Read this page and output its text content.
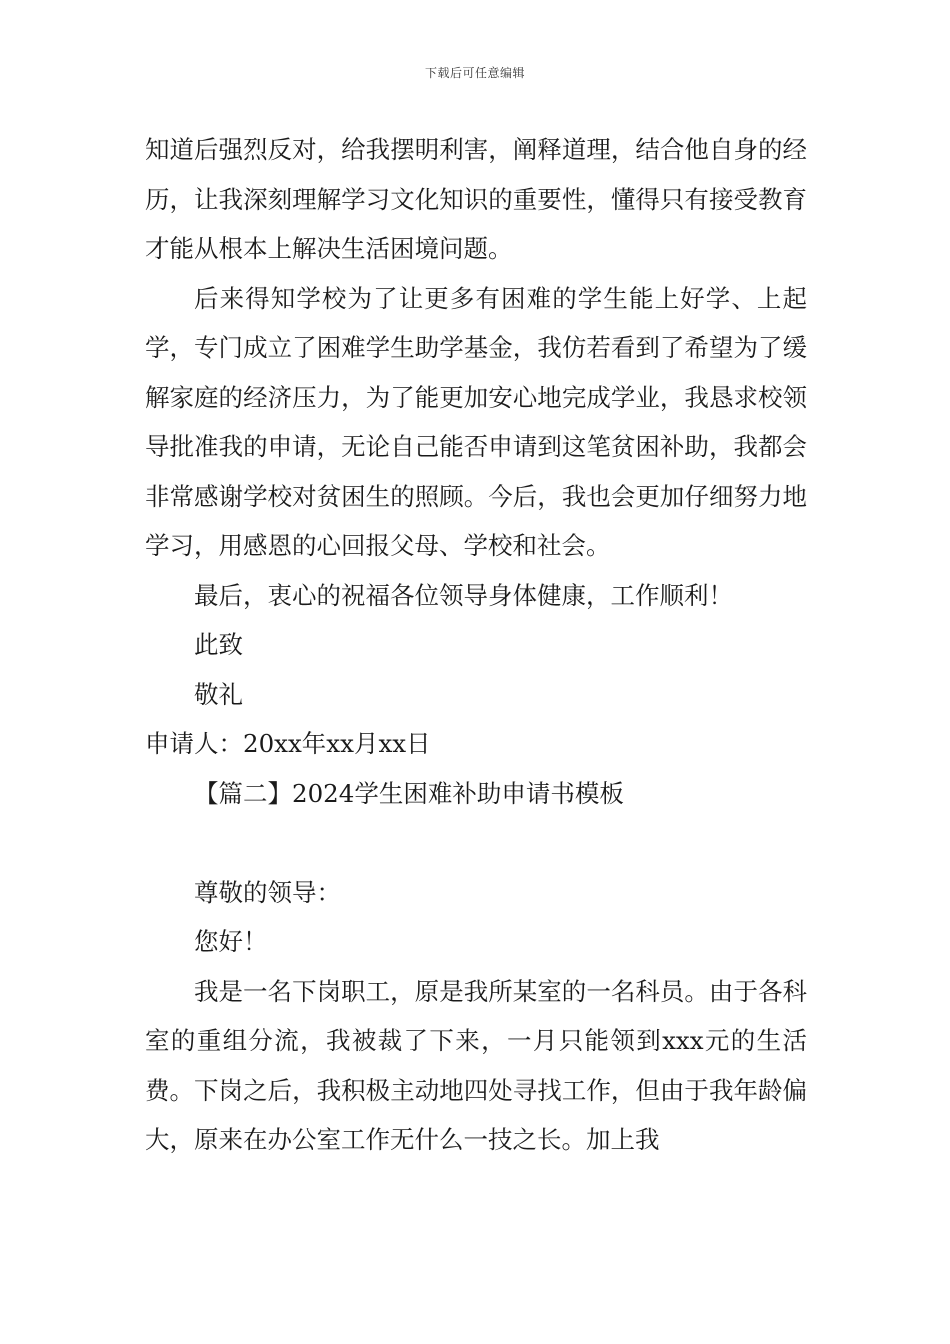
下载后可任意编辑

知道后强烈反对，给我摆明利害，阐释道理，结合他自身的经历，让我深刻理解学习文化知识的重要性，懂得只有接受教育才能从根本上解决生活困境问题。

后来得知学校为了让更多有困难的学生能上好学、上起学，专门成立了困难学生助学基金，我仿若看到了希望为了缓解家庭的经济压力，为了能更加安心地完成学业，我恳求校领导批准我的申请，无论自己能否申请到这笔贫困补助，我都会非常感谢学校对贫困生的照顾。今后，我也会更加仔细努力地学习，用感恩的心回报父母、学校和社会。

最后，衷心的祝福各位领导身体健康，工作顺利！

此致

敬礼

申请人：20xx年xx月xx日

【篇二】2024学生困难补助申请书模板

尊敬的领导：

您好！

我是一名下岗职工，原是我所某室的一名科员。由于各科室的重组分流，我被裁了下来，一月只能领到xxx元的生活费。下岗之后，我积极主动地四处寻找工作，但由于我年龄偏大，原来在办公室工作无什么一技之长。加上我
